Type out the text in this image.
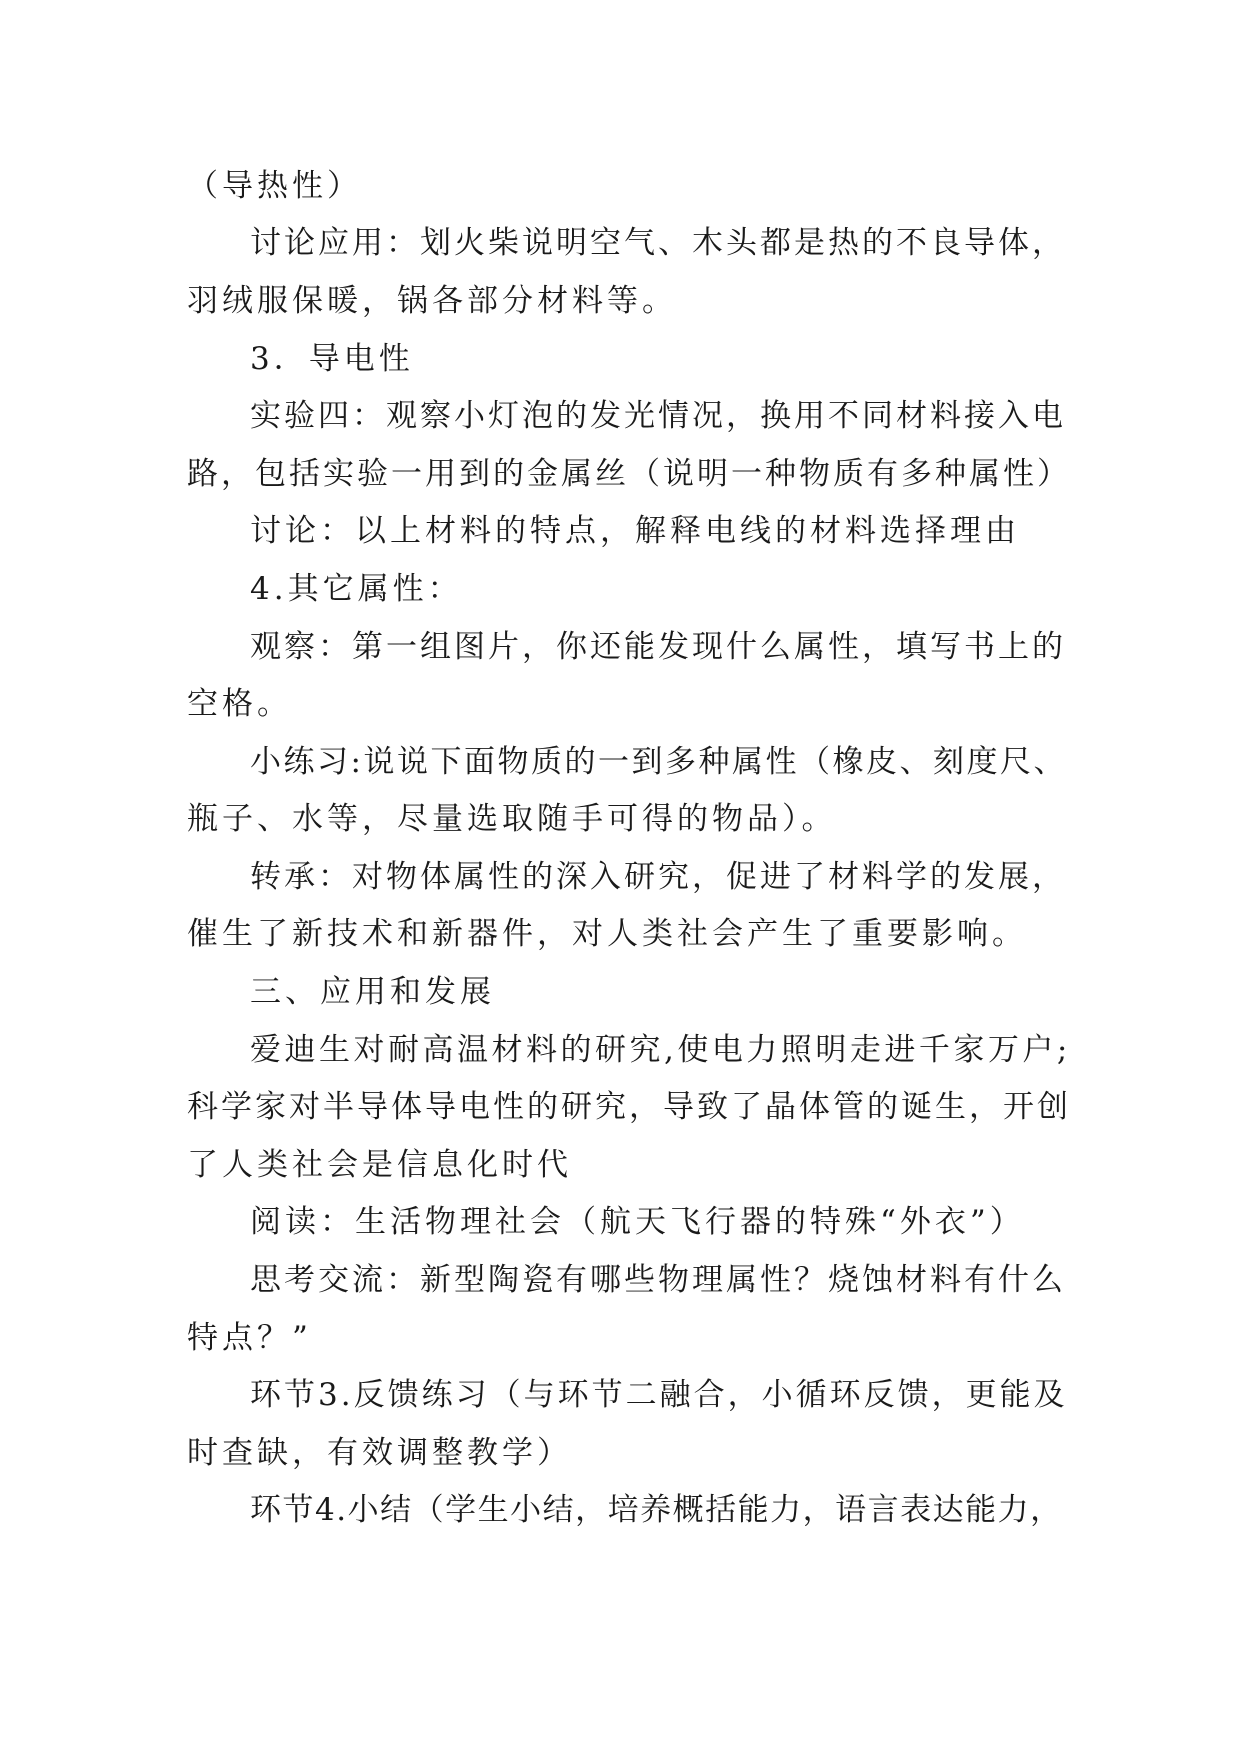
（导热性）
讨论应用：划火柴说明空气、木头都是热的不良导体，
羽绒服保暖，锅各部分材料等。
3．导电性
实验四：观察小灯泡的发光情况，换用不同材料接入电
路，包括实验一用到的金属丝（说明一种物质有多种属性）
讨论：以上材料的特点，解释电线的材料选择理由
4.其它属性：
观察：第一组图片，你还能发现什么属性，填写书上的
空格。
小练习:说说下面物质的一到多种属性（橡皮、刻度尺、
瓶子、水等，尽量选取随手可得的物品）。
转承：对物体属性的深入研究，促进了材料学的发展，
催生了新技术和新器件，对人类社会产生了重要影响。
三、应用和发展
爱迪生对耐高温材料的研究,使电力照明走进千家万户;
科学家对半导体导电性的研究，导致了晶体管的诞生，开创
了人类社会是信息化时代
阅读：生活物理社会（航天飞行器的特殊“外衣”）
思考交流：新型陶瓷有哪些物理属性？烧蚀材料有什么
特点？”
环节3.反馈练习（与环节二融合，小循环反馈，更能及
时查缺，有效调整教学）
环节4.小结（学生小结，培养概括能力，语言表达能力，
